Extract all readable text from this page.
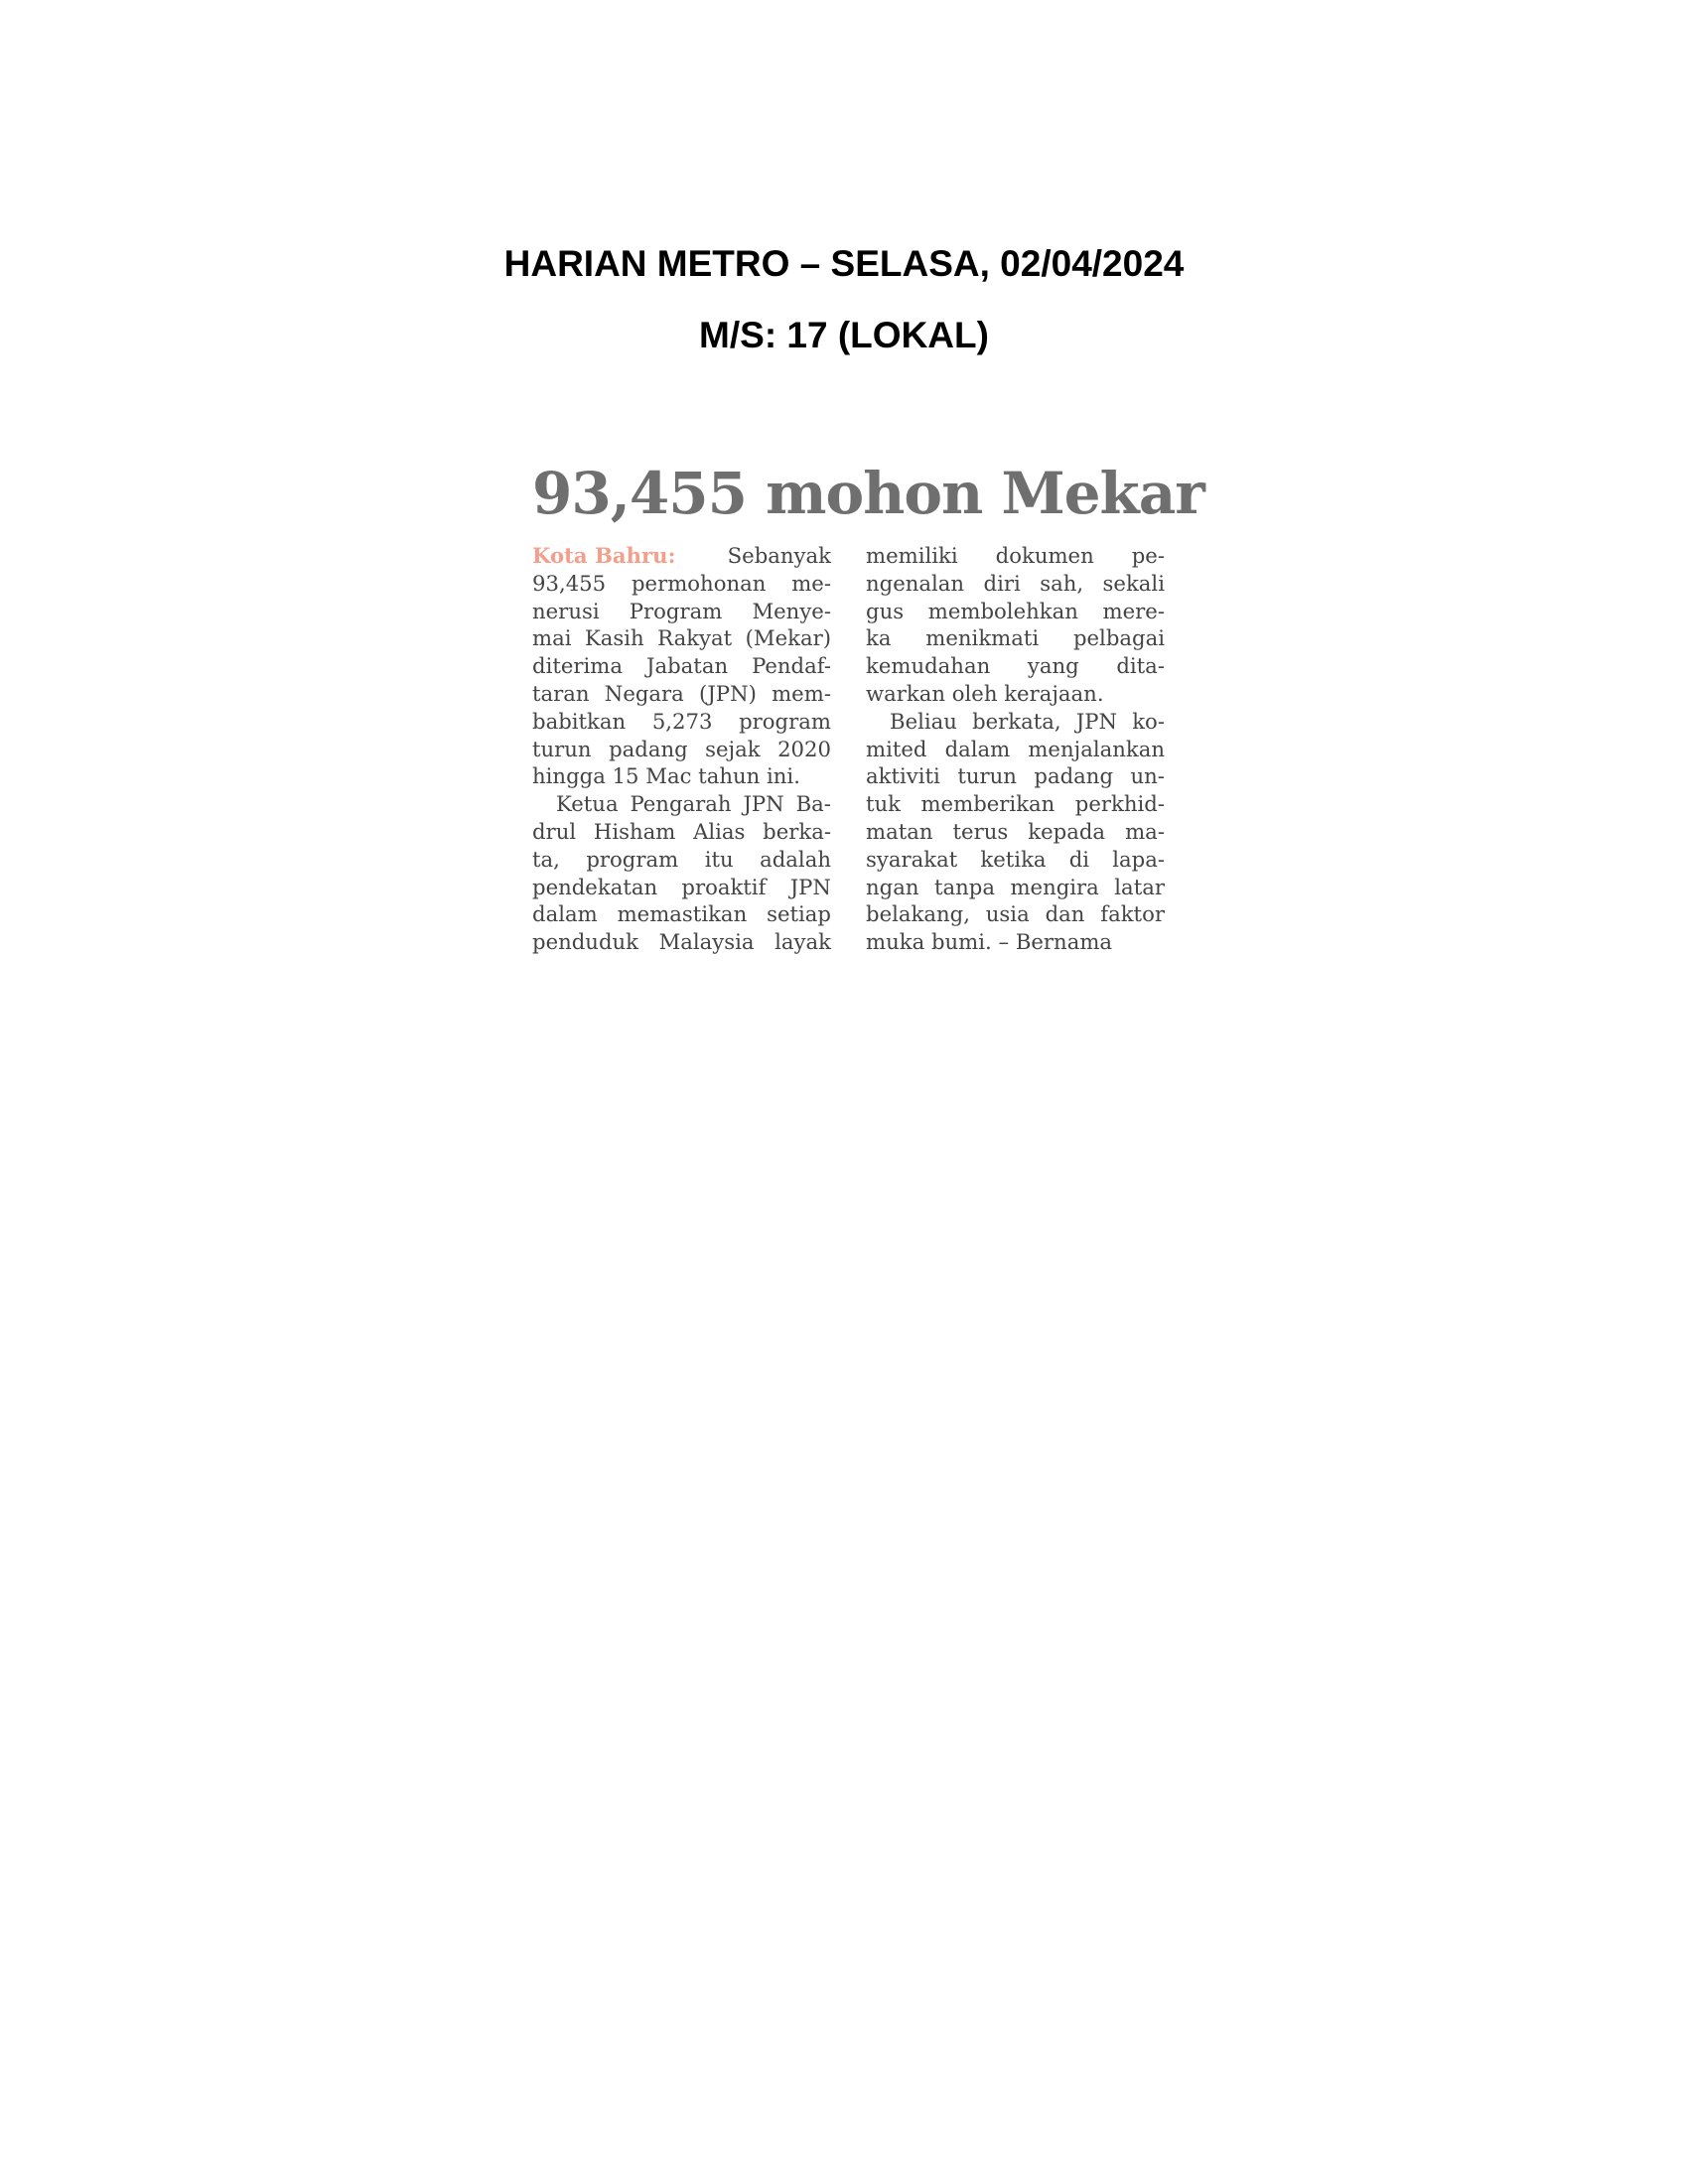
HARIAN METRO – SELASA, 02/04/2024
M/S: 17 (LOKAL)
93,455 mohon Mekar
Kota Bahru: Sebanyak
93,455 permohonan me-
nerusi Program Menye-
mai Kasih Rakyat (Mekar)
diterima Jabatan Pendaf-
taran Negara (JPN) mem-
babitkan 5,273 program
turun padang sejak 2020
hingga 15 Mac tahun ini.
Ketua Pengarah JPN Ba-
drul Hisham Alias berka-
ta, program itu adalah
pendekatan proaktif JPN
dalam memastikan setiap
penduduk Malaysia layak
memiliki dokumen pe-
ngenalan diri sah, sekali
gus membolehkan mere-
ka menikmati pelbagai
kemudahan yang dita-
warkan oleh kerajaan.
Beliau berkata, JPN ko-
mited dalam menjalankan
aktiviti turun padang un-
tuk memberikan perkhid-
matan terus kepada ma-
syarakat ketika di lapa-
ngan tanpa mengira latar
belakang, usia dan faktor
muka bumi. – Bernama
